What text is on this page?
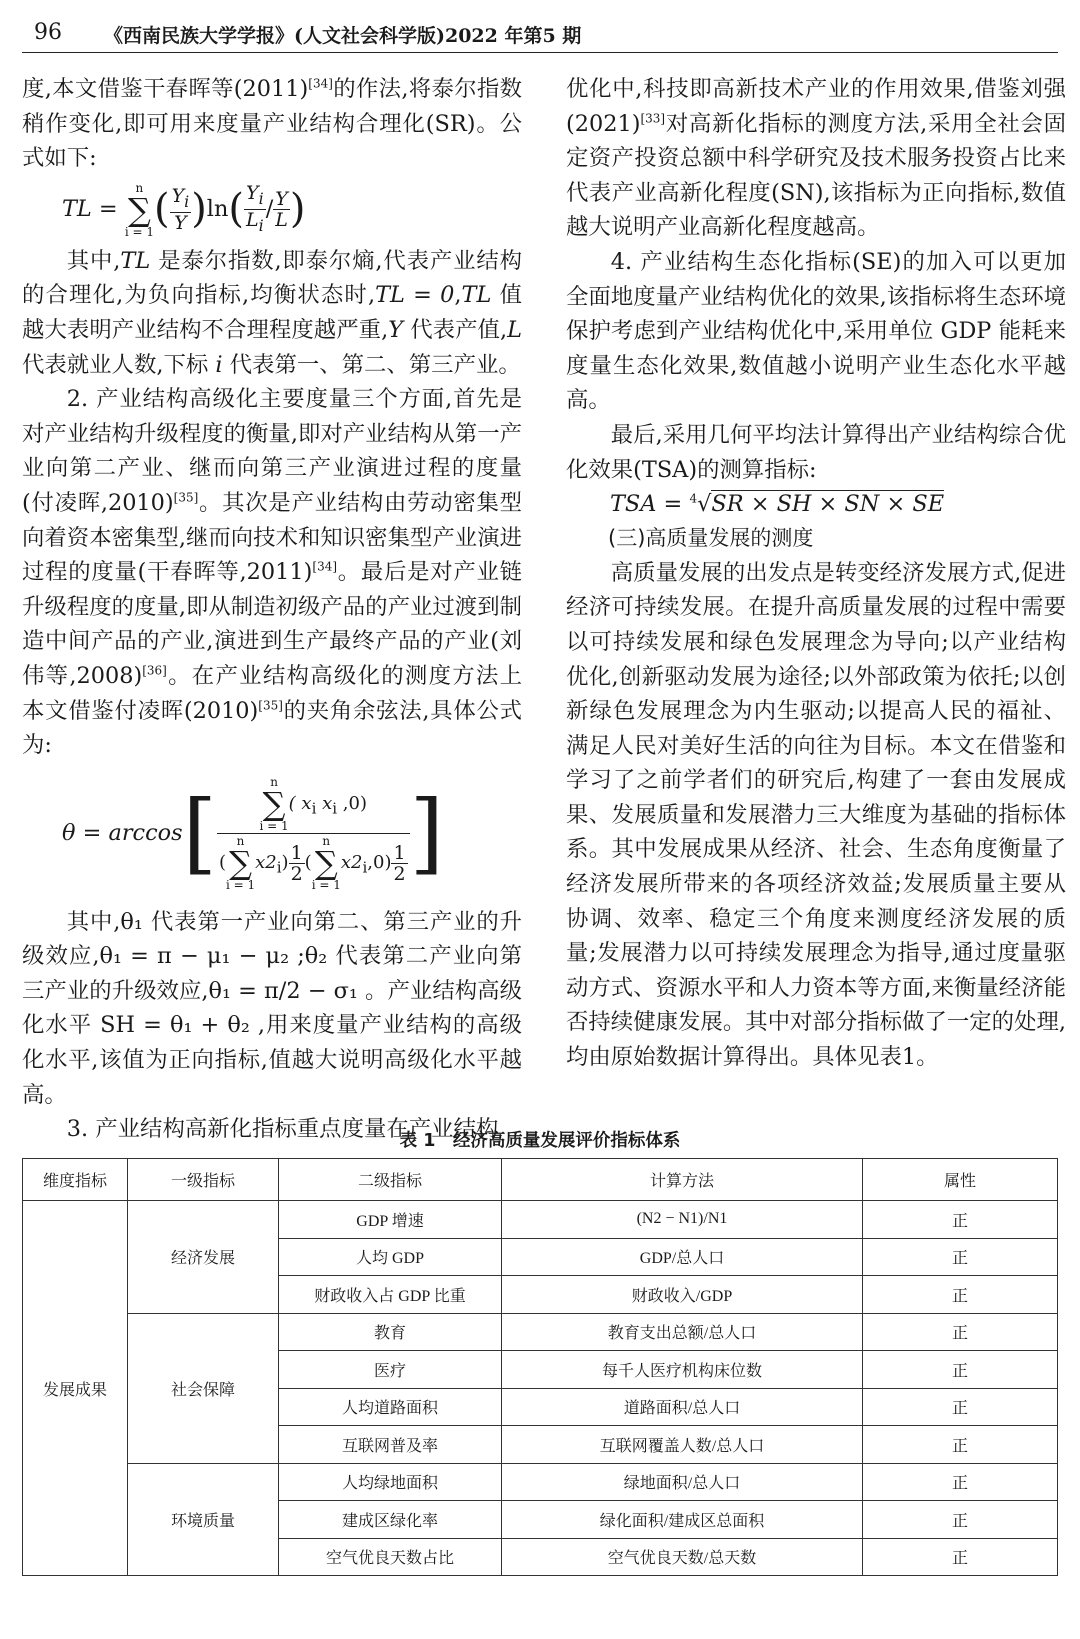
96 《西南民族大学学报》(人文社会科学版)2022 年第5 期

度,本文借鉴干春晖等(2011)[34]的作法,将泰尔指数稍作变化,即可用来度量产业结构合理化(SR)。公式如下:

TL =

n
∑
i = 1 ( $\frac{Y_i}{Y}$ ) ln ( $\frac{Y_i}{L_i} / \frac{Y}{L}$ )

其中,TL 是泰尔指数,即泰尔熵,代表产业结构的合理化,为负向指标,均衡状态时,TL = 0,TL 值越大表明产业结构不合理程度越严重,Y 代表产值,L 代表就业人数,下标 i 代表第一、第二、第三产业。

2. 产业结构高级化主要度量三个方面,首先是对产业结构升级程度的衡量,即对产业结构从第一产业向第二产业、继而向第三产业演进过程的度量(付凌晖,2010)[35]。其次是产业结构由劳动密集型向着资本密集型,继而向技术和知识密集型产业演进过程的度量(干春晖等,2011)[34]。最后是对产业链升级程度的度量,即从制造初级产品的产业过渡到制造中间产品的产业,演进到生产最终产品的产业(刘伟等,2008)[36]。在产业结构高级化的测度方法上本文借鉴付凌晖(2010)[35]的夹角余弦法,具体公式为:

θ = arccos [ n
∑
i = 1
( $x_i$ $x_i$ ,0)
(
n
∑
i = 1
$x2_i) \frac{1}{2}$ (
n
∑
i = 1
$x2_i,0) \frac{1}{2}$ ]

其中,θ₁ 代表第一产业向第二、第三产业的升级效应,θ₁ = π − μ₁ − μ₂ ;θ₂ 代表第二产业向第三产业的升级效应,θ₁ = π/2 − σ₁ 。产业结构高级化水平 SH = θ₁ + θ₂ ,用来度量产业结构的高级化水平,该值为正向指标,值越大说明高级化水平越高。

3. 产业结构高新化指标重点度量在产业结构

优化中,科技即高新技术产业的作用效果,借鉴刘强(2021)[33]对高新化指标的测度方法,采用全社会固定资产投资总额中科学研究及技术服务投资占比来代表产业高新化程度(SN),该指标为正向指标,数值越大说明产业高新化程度越高。

4. 产业结构生态化指标(SE)的加入可以更加全面地度量产业结构优化的效果,该指标将生态环境保护考虑到产业结构优化中,采用单位 GDP 能耗来度量生态化效果,数值越小说明产业生态化水平越高。

最后,采用几何平均法计算得出产业结构综合优化效果(TSA)的测算指标:

TSA = $^4$√SR × SH × SN × SE

(三)高质量发展的测度

高质量发展的出发点是转变经济发展方式,促进经济可持续发展。在提升高质量发展的过程中需要以可持续发展和绿色发展理念为导向;以产业结构优化,创新驱动发展为途径;以外部政策为依托;以创新绿色发展理念为内生驱动;以提高人民的福祉、满足人民对美好生活的向往为目标。本文在借鉴和学习了之前学者们的研究后,构建了一套由发展成果、发展质量和发展潜力三大维度为基础的指标体系。其中发展成果从经济、社会、生态角度衡量了经济发展所带来的各项经济效益;发展质量主要从协调、效率、稳定三个角度来测度经济发展的质量;发展潜力以可持续发展理念为指导,通过度量驱动方式、资源水平和人力资本等方面,来衡量经济能否持续健康发展。其中对部分指标做了一定的处理,均由原始数据计算得出。具体见表1。

表 1　经济高质量发展评价指标体系
维度指标	一级指标	二级指标	计算方法	属性
发展成果	经济发展	GDP 增速	(N2 − N1)/N1	正
		人均 GDP	GDP/总人口	正
		财政收入占 GDP 比重	财政收入/GDP	正
	社会保障	教育	教育支出总额/总人口	正
		医疗	每千人医疗机构床位数	正
		人均道路面积	道路面积/总人口	正
		互联网普及率	互联网覆盖人数/总人口	正
	环境质量	人均绿地面积	绿地面积/总人口	正
		建成区绿化率	绿化面积/建成区总面积	正
		空气优良天数占比	空气优良天数/总天数	正
